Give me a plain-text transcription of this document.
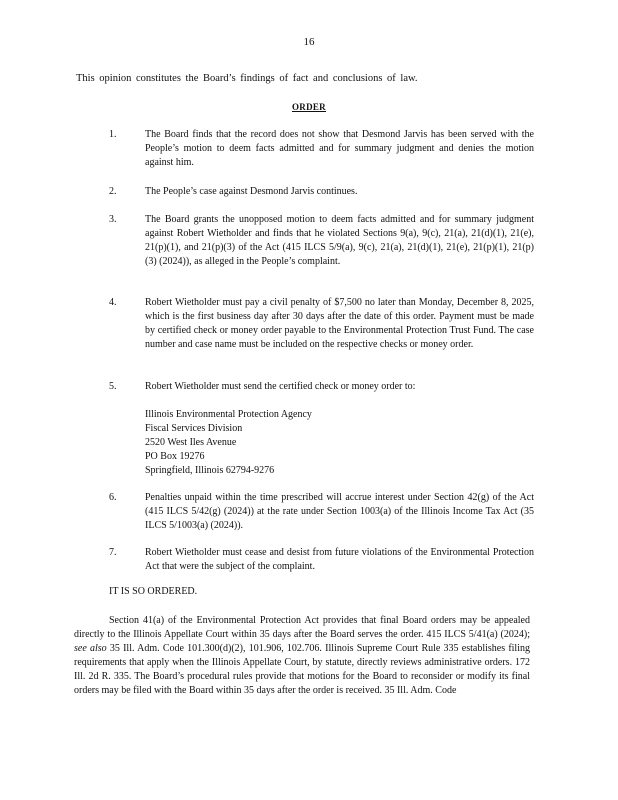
16
This opinion constitutes the Board’s findings of fact and conclusions of law.
ORDER
1.	The Board finds that the record does not show that Desmond Jarvis has been served with the People’s motion to deem facts admitted and for summary judgment and denies the motion against him.
2.	The People’s case against Desmond Jarvis continues.
3.	The Board grants the unopposed motion to deem facts admitted and for summary judgment against Robert Wietholder and finds that he violated Sections 9(a), 9(c), 21(a), 21(d)(1), 21(e), 21(p)(1), and 21(p)(3) of the Act (415 ILCS 5/9(a), 9(c), 21(a), 21(d)(1), 21(e), 21(p)(1), 21(p)(3) (2024)), as alleged in the People’s complaint.
4.	Robert Wietholder must pay a civil penalty of $7,500 no later than Monday, December 8, 2025, which is the first business day after 30 days after the date of this order. Payment must be made by certified check or money order payable to the Environmental Protection Trust Fund. The case number and case name must be included on the respective checks or money order.
5.	Robert Wietholder must send the certified check or money order to:
Illinois Environmental Protection Agency
Fiscal Services Division
2520 West Iles Avenue
PO Box 19276
Springfield, Illinois 62794-9276
6.	Penalties unpaid within the time prescribed will accrue interest under Section 42(g) of the Act (415 ILCS 5/42(g) (2024)) at the rate under Section 1003(a) of the Illinois Income Tax Act (35 ILCS 5/1003(a) (2024)).
7.	Robert Wietholder must cease and desist from future violations of the Environmental Protection Act that were the subject of the complaint.
IT IS SO ORDERED.
Section 41(a) of the Environmental Protection Act provides that final Board orders may be appealed directly to the Illinois Appellate Court within 35 days after the Board serves the order. 415 ILCS 5/41(a) (2024); see also 35 Ill. Adm. Code 101.300(d)(2), 101.906, 102.706. Illinois Supreme Court Rule 335 establishes filing requirements that apply when the Illinois Appellate Court, by statute, directly reviews administrative orders. 172 Ill. 2d R. 335. The Board’s procedural rules provide that motions for the Board to reconsider or modify its final orders may be filed with the Board within 35 days after the order is received. 35 Ill. Adm. Code
